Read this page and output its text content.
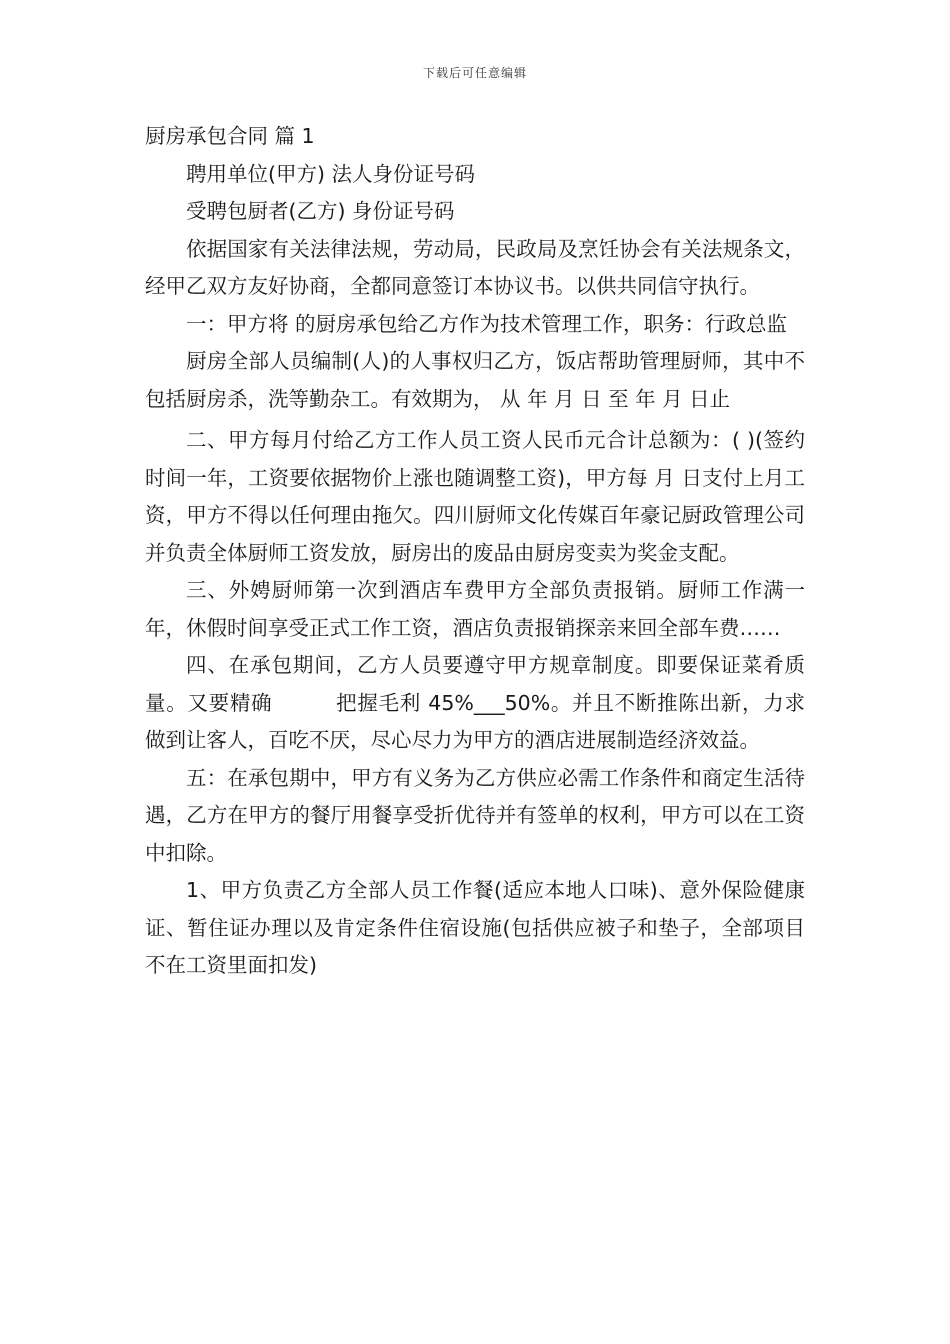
下载后可任意编辑
厨房承包合同 篇 1

聘用单位(甲方) 法人身份证号码

受聘包厨者(乙方) 身份证号码

依据国家有关法律法规，劳动局，民政局及烹饪协会有关法规条文，经甲乙双方友好协商，全都同意签订本协议书。以供共同信守执行。

一：甲方将 的厨房承包给乙方作为技术管理工作，职务：行政总监

厨房全部人员编制(人)的人事权归乙方，饭店帮助管理厨师，其中不包括厨房杀，洗等勤杂工。有效期为， 从 年 月 日 至 年 月 日止

二、甲方每月付给乙方工作人员工资人民币元合计总额为：( )(签约时间一年，工资要依据物价上涨也随调整工资)，甲方每 月 日支付上月工资，甲方不得以任何理由拖欠。四川厨师文化传媒百年豪记厨政管理公司并负责全体厨师工资发放，厨房出的废品由厨房变卖为奖金支配。

三、外娉厨师第一次到酒店车费甲方全部负责报销。厨师工作满一年，休假时间享受正式工作工资，酒店负责报销探亲来回全部车费……

四、在承包期间，乙方人员要遵守甲方规章制度。即要保证菜肴质量。又要精确　　　把握毛利 45%___50%。并且不断推陈出新，力求做到让客人，百吃不厌，尽心尽力为甲方的酒店进展制造经济效益。

五：在承包期中，甲方有义务为乙方供应必需工作条件和商定生活待遇，乙方在甲方的餐厅用餐享受折优待并有签单的权利，甲方可以在工资中扣除。

1、甲方负责乙方全部人员工作餐(适应本地人口味)、意外保险健康证、暂住证办理以及肯定条件住宿设施(包括供应被子和垫子，全部项目不在工资里面扣发)
